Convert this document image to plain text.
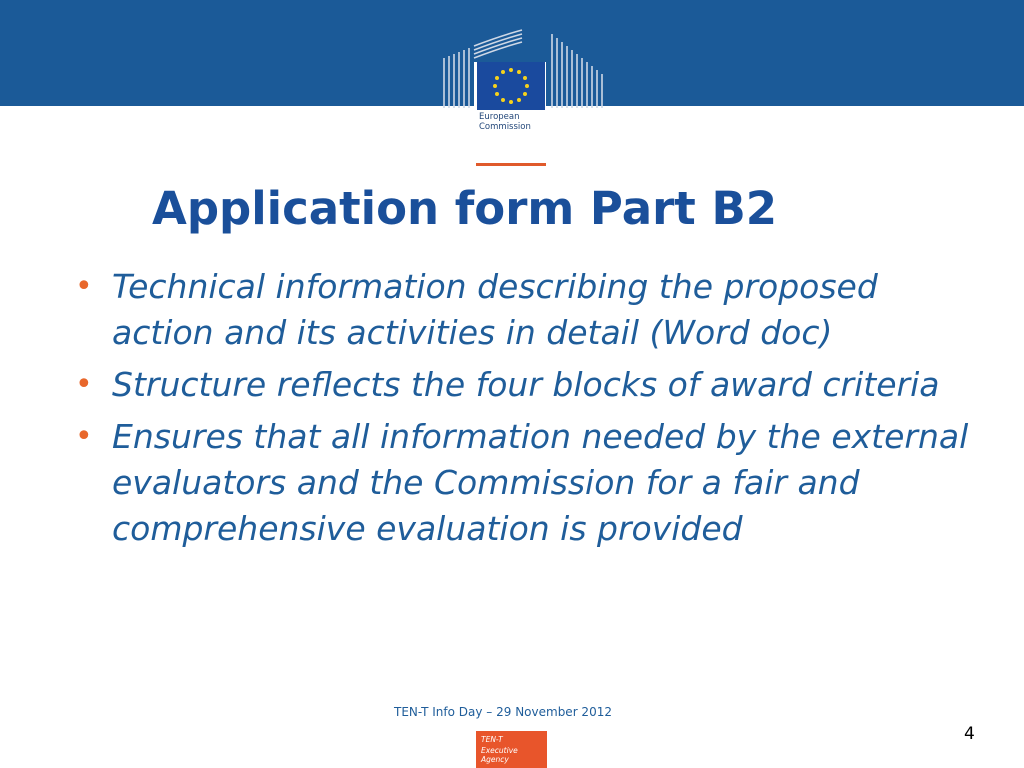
European
Commission
Application form Part B2
• Technical information describing the proposed action and its activities in detail (Word doc)
• Structure reflects the four blocks of award criteria
• Ensures that all information needed by the external evaluators and the Commission for a fair and comprehensive evaluation is provided
TEN-T Info Day – 29 November 2012
4
TEN-T
Executive Agency
